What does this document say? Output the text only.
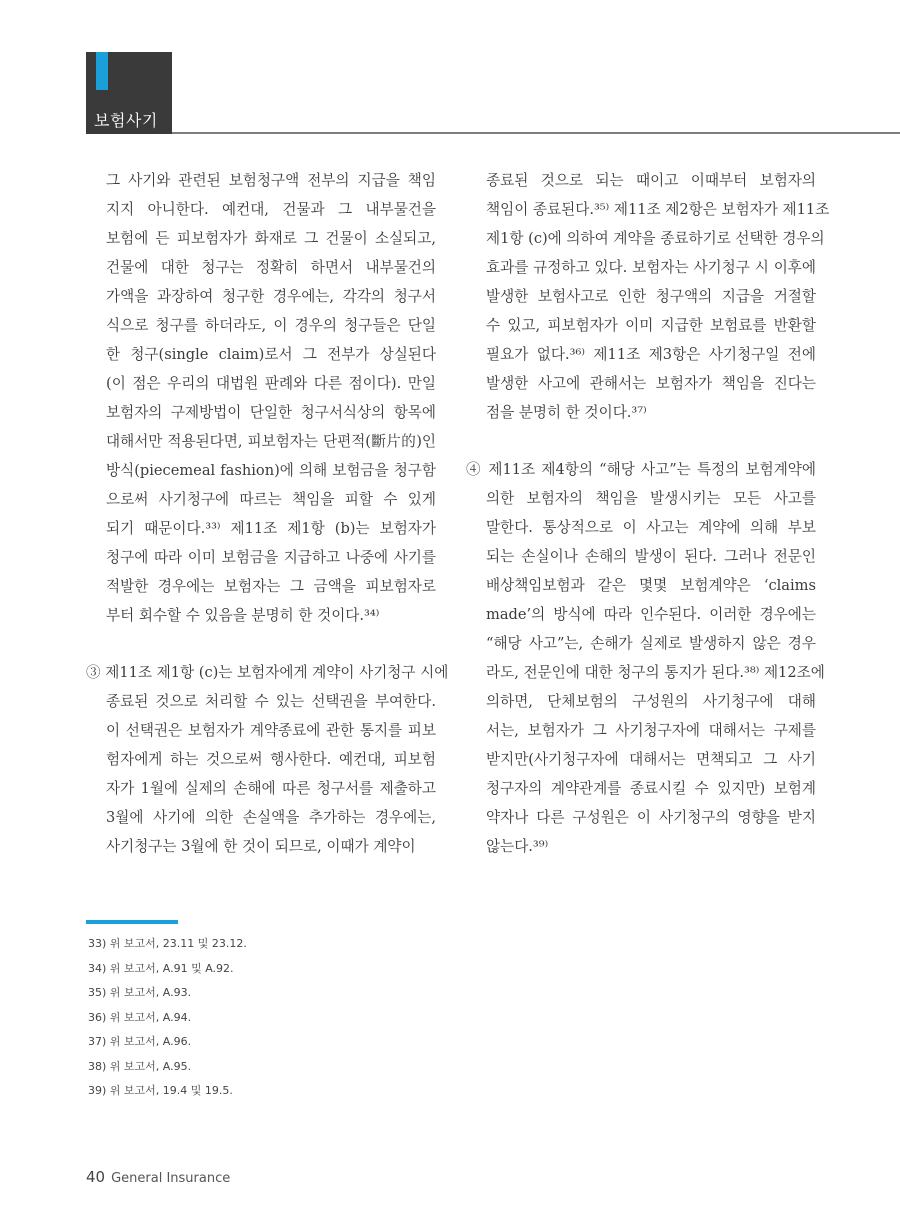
보험사기
그 사기와 관련된 보험청구액 전부의 지급을 책임
지지 아니한다. 예컨대, 건물과 그 내부물건을
보험에 든 피보험자가 화재로 그 건물이 소실되고,
건물에 대한 청구는 정확히 하면서 내부물건의
가액을 과장하여 청구한 경우에는, 각각의 청구서
식으로 청구를 하더라도, 이 경우의 청구들은 단일
한 청구(single claim)로서 그 전부가 상실된다
(이 점은 우리의 대법원 판례와 다른 점이다). 만일
보험자의 구제방법이 단일한 청구서식상의 항목에
대해서만 적용된다면, 피보험자는 단편적(斷片的)인
방식(piecemeal fashion)에 의해 보험금을 청구함
으로써 사기청구에 따르는 책임을 피할 수 있게
되기 때문이다.³³⁾ 제11조 제1항 (b)는 보험자가
청구에 따라 이미 보험금을 지급하고 나중에 사기를
적발한 경우에는 보험자는 그 금액을 피보험자로
부터 회수할 수 있음을 분명히 한 것이다.³⁴⁾
③ 제11조 제1항 (c)는 보험자에게 계약이 사기청구 시에
종료된 것으로 처리할 수 있는 선택권을 부여한다.
이 선택권은 보험자가 계약종료에 관한 통지를 피보
험자에게 하는 것으로써 행사한다. 예컨대, 피보험
자가 1월에 실제의 손해에 따른 청구서를 제출하고
3월에 사기에 의한 손실액을 추가하는 경우에는,
사기청구는 3월에 한 것이 되므로, 이때가 계약이
종료된 것으로 되는 때이고 이때부터 보험자의
책임이 종료된다.³⁵⁾ 제11조 제2항은 보험자가 제11조
제1항 (c)에 의하여 계약을 종료하기로 선택한 경우의
효과를 규정하고 있다. 보험자는 사기청구 시 이후에
발생한 보험사고로 인한 청구액의 지급을 거절할
수 있고, 피보험자가 이미 지급한 보험료를 반환할
필요가 없다.³⁶⁾ 제11조 제3항은 사기청구일 전에
발생한 사고에 관해서는 보험자가 책임을 진다는
점을 분명히 한 것이다.³⁷⁾
④ 제11조 제4항의 “해당 사고”는 특정의 보험계약에
의한 보험자의 책임을 발생시키는 모든 사고를
말한다. 통상적으로 이 사고는 계약에 의해 부보
되는 손실이나 손해의 발생이 된다. 그러나 전문인
배상책임보험과 같은 몇몇 보험계약은 ‘claims
made’의 방식에 따라 인수된다. 이러한 경우에는
“해당 사고”는, 손해가 실제로 발생하지 않은 경우
라도, 전문인에 대한 청구의 통지가 된다.³⁸⁾ 제12조에
의하면, 단체보험의 구성원의 사기청구에 대해
서는, 보험자가 그 사기청구자에 대해서는 구제를
받지만(사기청구자에 대해서는 면책되고 그 사기
청구자의 계약관계를 종료시킬 수 있지만) 보험계
약자나 다른 구성원은 이 사기청구의 영향을 받지
않는다.³⁹⁾
33) 위 보고서, 23.11 및 23.12.
34) 위 보고서, A.91 및 A.92.
35) 위 보고서, A.93.
36) 위 보고서, A.94.
37) 위 보고서, A.96.
38) 위 보고서, A.95.
39) 위 보고서, 19.4 및 19.5.
40 General Insurance
